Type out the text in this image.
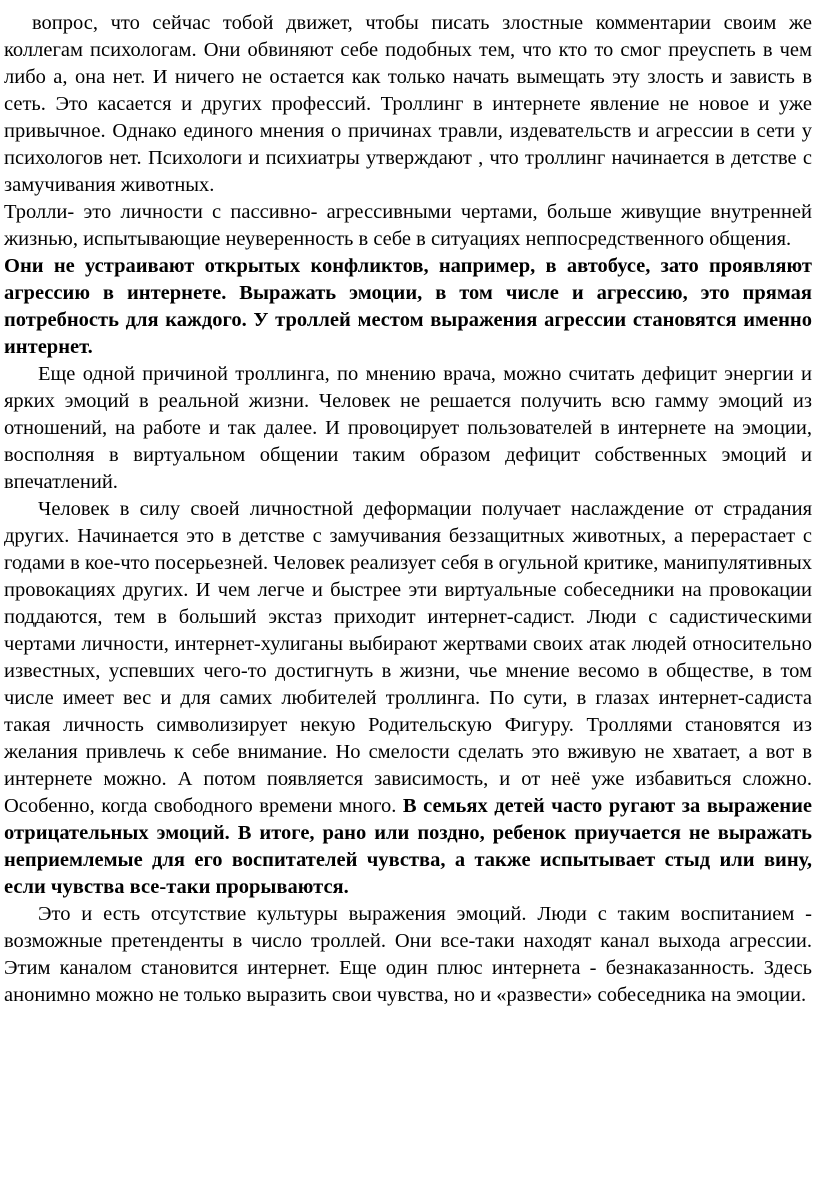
вопрос, что сейчас тобой движет, чтобы писать злостные комментарии своим же коллегам психологам. Они обвиняют себе подобных тем, что кто то смог преуспеть в чем либо а, она нет. И ничего не остается как только начать вымещать эту злость и зависть в сеть. Это касается и других профессий. Троллинг в интернете явление не новое и уже привычное. Однако единого мнения о причинах травли, издевательств и агрессии в сети у психологов нет. Психологи и психиатры утверждают , что троллинг начинается в детстве с замучивания животных.

Тролли- это личности с пассивно- агрессивными чертами, больше живущие внутренней жизнью, испытывающие неуверенность в себе в ситуациях неппосредственного общения.

Они не устраивают открытых конфликтов, например, в автобусе, зато проявляют агрессию в интернете. Выражать эмоции, в том числе и агрессию, это прямая потребность для каждого. У троллей местом выражения агрессии становятся именно интернет.

Еще одной причиной троллинга, по мнению врача, можно считать дефицит энергии и ярких эмоций в реальной жизни. Человек не решается получить всю гамму эмоций из отношений, на работе и так далее. И провоцирует пользователей в интернете на эмоции, восполняя в виртуальном общении таким образом дефицит собственных эмоций и впечатлений.

Человек в силу своей личностной деформации получает наслаждение от страдания других. Начинается это в детстве с замучивания беззащитных животных, а перерастает с годами в кое-что посерьезней. Человек реализует себя в огульной критике, манипулятивных провокациях других. И чем легче и быстрее эти виртуальные собеседники на провокации поддаются, тем в больший экстаз приходит интернет-садист. Люди с садистическими чертами личности, интернет-хулиганы выбирают жертвами своих атак людей относительно известных, успевших чего-то достигнуть в жизни, чье мнение весомо в обществе, в том числе имеет вес и для самих любителей троллинга. По сути, в глазах интернет-садиста такая личность символизирует некую Родительскую Фигуру. Троллями становятся из желания привлечь к себе внимание. Но смелости сделать это вживую не хватает, а вот в интернете можно. А потом появляется зависимость, и от неё уже избавиться сложно. Особенно, когда свободного времени много. В семьях детей часто ругают за выражение отрицательных эмоций. В итоге, рано или поздно, ребенок приучается не выражать неприемлемые для его воспитателей чувства, а также испытывает стыд или вину, если чувства все-таки прорываются.

Это и есть отсутствие культуры выражения эмоций. Люди с таким воспитанием - возможные претенденты в число троллей. Они все-таки находят канал выхода агрессии. Этим каналом становится интернет. Еще один плюс интернета - безнаказанность. Здесь анонимно можно не только выразить свои чувства, но и «развести» собеседника на эмоции.
